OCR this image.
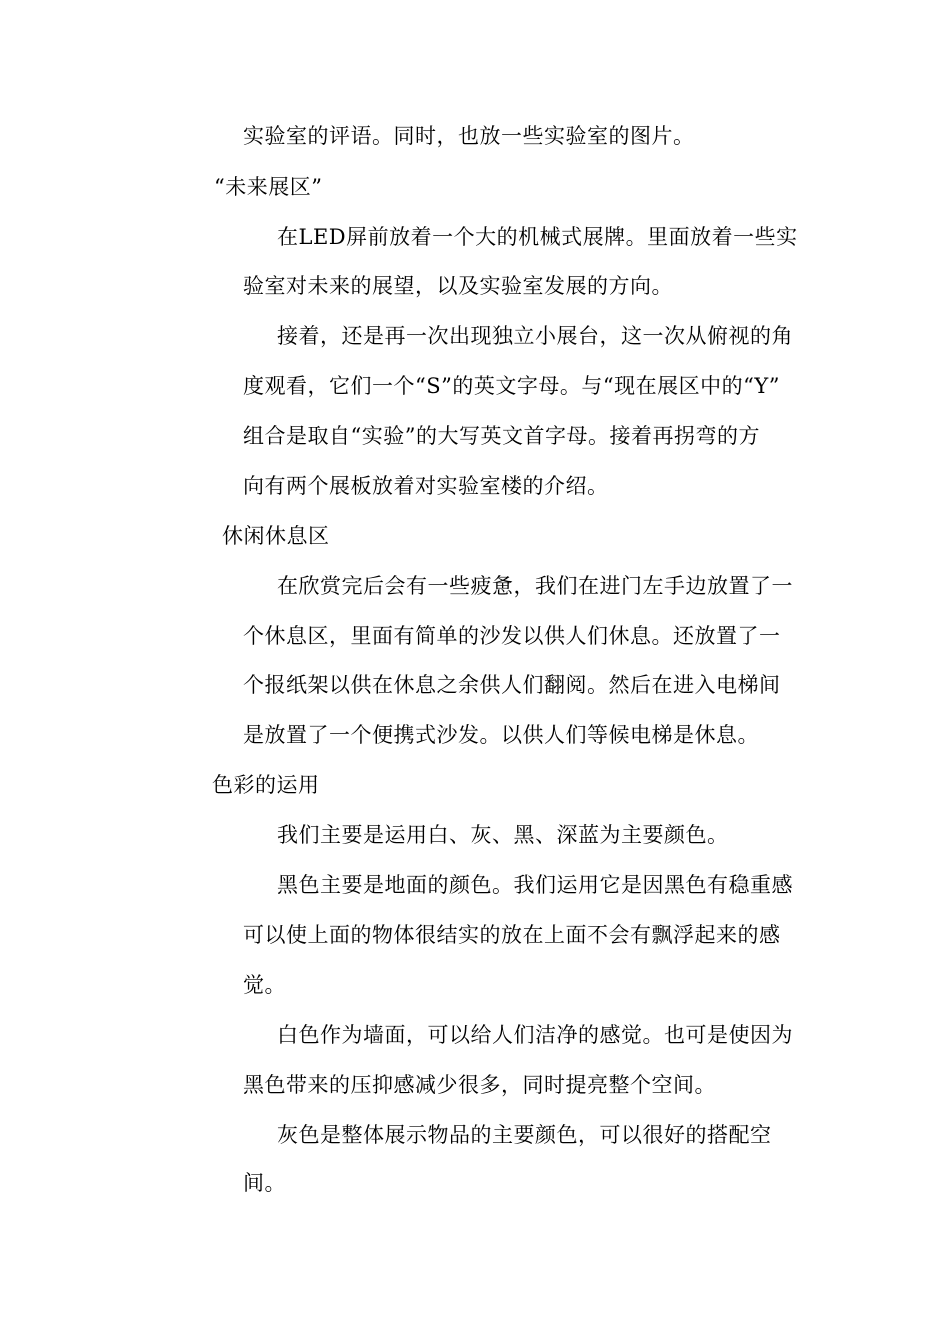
实验室的评语。同时，也放一些实验室的图片。
“未来展区”
在LED屏前放着一个大的机械式展牌。里面放着一些实
验室对未来的展望，以及实验室发展的方向。
接着，还是再一次出现独立小展台，这一次从俯视的角
度观看，它们一个“S”的英文字母。与“现在展区中的“Y”
组合是取自“实验”的大写英文首字母。接着再拐弯的方
向有两个展板放着对实验室楼的介绍。
休闲休息区
在欣赏完后会有一些疲惫，我们在进门左手边放置了一
个休息区，里面有简单的沙发以供人们休息。还放置了一
个报纸架以供在休息之余供人们翻阅。然后在进入电梯间
是放置了一个便携式沙发。以供人们等候电梯是休息。
色彩的运用
我们主要是运用白、灰、黑、深蓝为主要颜色。
黑色主要是地面的颜色。我们运用它是因黑色有稳重感
可以使上面的物体很结实的放在上面不会有飘浮起来的感
觉。
白色作为墙面，可以给人们洁净的感觉。也可是使因为
黑色带来的压抑感减少很多，同时提亮整个空间。
灰色是整体展示物品的主要颜色，可以很好的搭配空
间。
